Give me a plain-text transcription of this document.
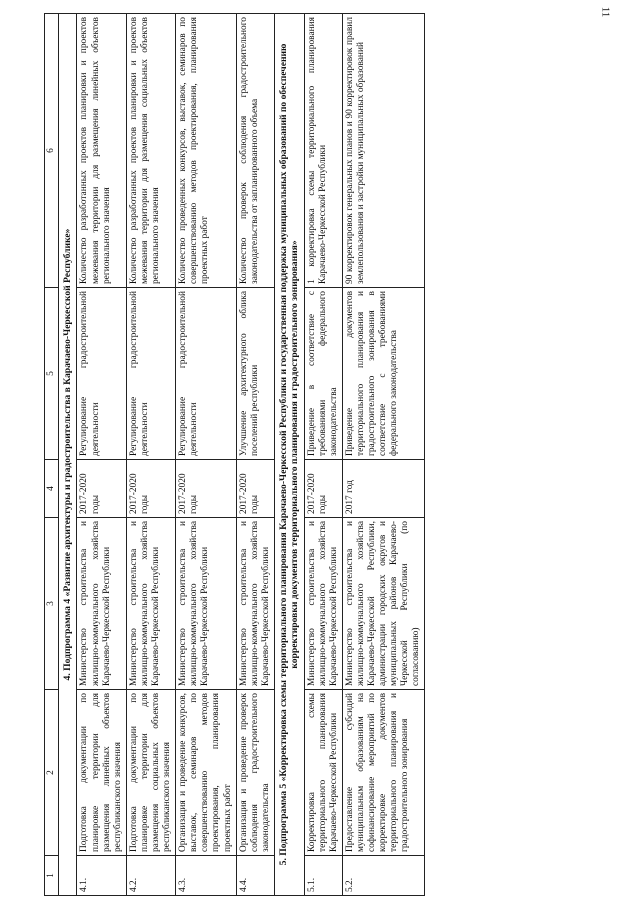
11
1	2	3	4	5	6
4. Подпрограмма 4 «Развитие архитектуры и градостроительства в Карачаево-Черкесской Республике»					
4.1.	Подготовка документации по планировке территории для размещения линейных объектов республиканского значения	Министерство строительства и жилищно-коммунального хозяйства Карачаево-Черкесской Республики	2017-2020 годы	Регулирование градостроительной деятельности	Количество разработанных проектов планировки и проектов межевания территории для размещения линейных объектов регионального значения
4.2.	Подготовка документации по планировке территории для размещения социальных объектов республиканского значения	Министерство строительства и жилищно-коммунального хозяйства Карачаево-Черкесской Республики	2017-2020 годы	Регулирование градостроительной деятельности	Количество разработанных проектов планировки и проектов межевания территории для размещения социальных объектов регионального значения
4.3.	Организация и проведение конкурсов, выставок, семинаров по совершенствованию методов проектирования, планирования проектных работ	Министерство строительства и жилищно-коммунального хозяйства Карачаево-Черкесской Республики	2017-2020 годы	Регулирование градостроительной деятельности	Количество проведенных конкурсов, выставок, семинаров по совершенствованию методов проектирования, планирования проектных работ
4.4.	Организация и проведение проверок соблюдения градостроительного законодательства	Министерство строительства и жилищно-коммунального хозяйства Карачаево-Черкесской Республики	2017-2020 годы	Улучшение архитектурного облика поселений республики	Количество проверок соблюдения градостроительного законодательства от запланированного объема
5. Подпрограмма 5 «Корректировка схемы территориального планирования Карачаево-Черкесской Республики и государственная поддержка муниципальных образований по обеспечению корректировки документов территориального планирования и градостроительного зонирования»					
5.1.	Корректировка схемы территориального планирования Карачаево-Черкесской Республики	Министерство строительства и жилищно-коммунального хозяйства Карачаево-Черкесской Республики	2017-2020 годы	Приведение в соответствие с требованиями федерального законодательства	1 корректировка схемы территориального планирования Карачаево-Черкесской Республики
5.2.	Предоставление субсидий муниципальным образованиям на софинансирование мероприятий по корректировке документов территориального планирования и градостроительного зонирования	Министерство строительства и жилищно-коммунального хозяйства Карачаево-Черкесской Республики, администрации городских округов и муниципальных районов Карачаево-Черкесской Республики (по согласованию)	2017 год	Приведение документов территориального планирования и градостроительного зонирования в соответствие с требованиями федерального законодательства	90 корректировок генеральных планов и 90 корректировок правил землепользования и застройки муниципальных образований
